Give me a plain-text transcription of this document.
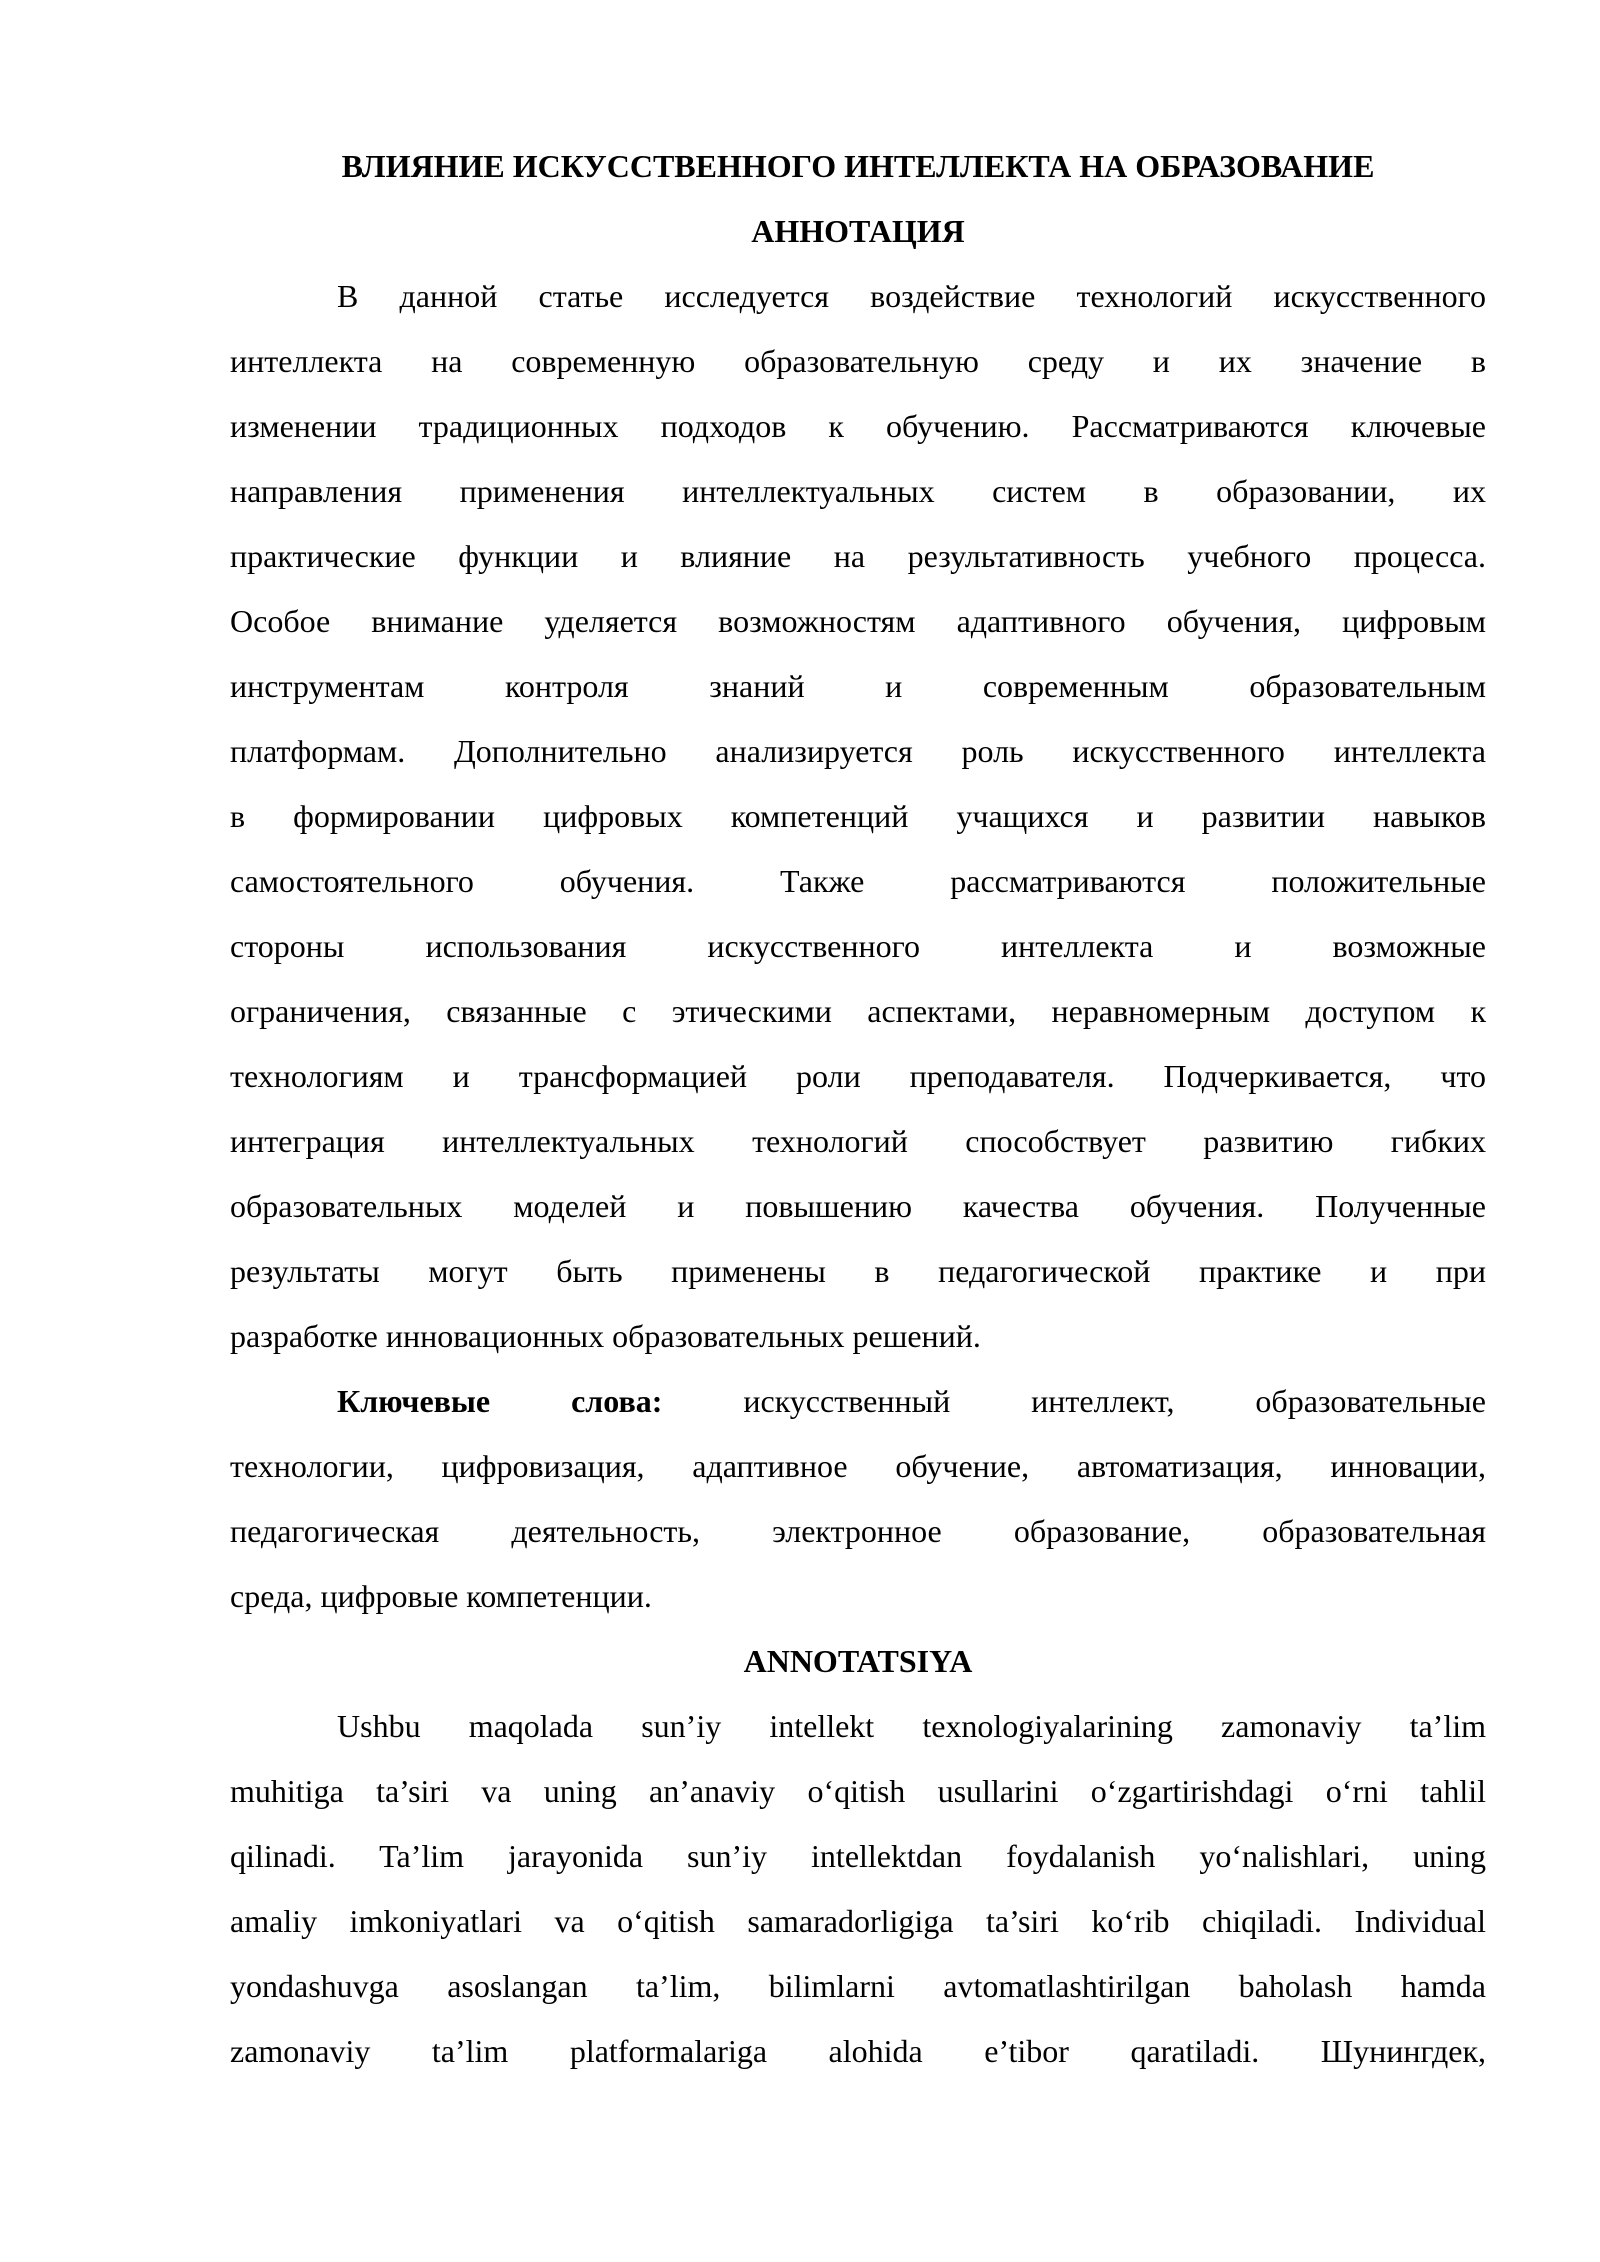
ВЛИЯНИЕ ИСКУССТВЕННОГО ИНТЕЛЛЕКТА НА ОБРАЗОВАНИЕ
АННОТАЦИЯ
В данной статье исследуется воздействие технологий искусственного
интеллекта на современную образовательную среду и их значение в
изменении традиционных подходов к обучению. Рассматриваются ключевые
направления применения интеллектуальных систем в образовании, их
практические функции и влияние на результативность учебного процесса.
Особое внимание уделяется возможностям адаптивного обучения, цифровым
инструментам контроля знаний и современным образовательным
платформам. Дополнительно анализируется роль искусственного интеллекта
в формировании цифровых компетенций учащихся и развитии навыков
самостоятельного обучения. Также рассматриваются положительные
стороны использования искусственного интеллекта и возможные
ограничения, связанные с этическими аспектами, неравномерным доступом к
технологиям и трансформацией роли преподавателя. Подчеркивается, что
интеграция интеллектуальных технологий способствует развитию гибких
образовательных моделей и повышению качества обучения. Полученные
результаты могут быть применены в педагогической практике и при
разработке инновационных образовательных решений.
Ключевые слова:	искусственный интеллект, образовательные
технологии, цифровизация, адаптивное обучение, автоматизация, инновации,
педагогическая деятельность, электронное образование, образовательная
среда, цифровые компетенции.
ANNOTATSIYA
Ushbu maqolada sun’iy intellekt texnologiyalarining zamonaviy ta’lim
muhitiga ta’siri va uning an’anaviy oʻqitish usullarini oʻzgartirishdagi oʻrni tahlil
qilinadi. Ta’lim jarayonida sun’iy intellektdan foydalanish yoʻnalishlari, uning
amaliy imkoniyatlari va oʻqitish samaradorligiga ta’siri koʻrib chiqiladi. Individual
yondashuvga asoslangan ta’lim, bilimlarni avtomatlashtirilgan baholash hamda
zamonaviy ta’lim platformalariga alohida e’tibor qaratiladi. Шунингдек,
